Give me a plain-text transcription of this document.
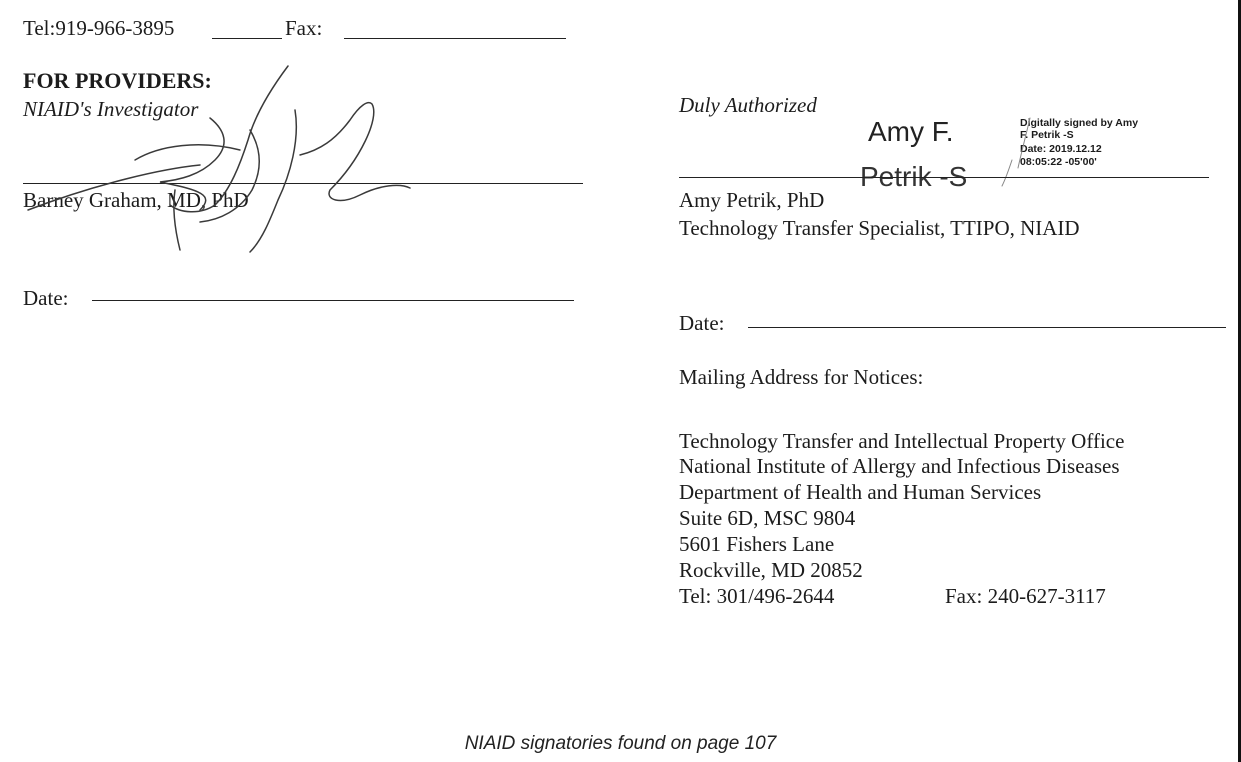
Tel:919-966-3895	Fax:
FOR PROVIDERS:
NIAID's Investigator
Barney Graham, MD, PhD
Date:
Duly Authorized
Amy F.
Petrik -S
Digitally signed by Amy
F. Petrik -S
Date: 2019.12.12
08:05:22 -05'00'
Amy Petrik, PhD
Technology Transfer Specialist, TTIPO, NIAID
Date:
Mailing Address for Notices:
Technology Transfer and Intellectual Property Office
National Institute of Allergy and Infectious Diseases
Department of Health and Human Services
Suite 6D, MSC 9804
5601 Fishers Lane
Rockville, MD 20852
Tel: 301/496-2644	Fax: 240-627-3117
NIAID signatories found on page 107
